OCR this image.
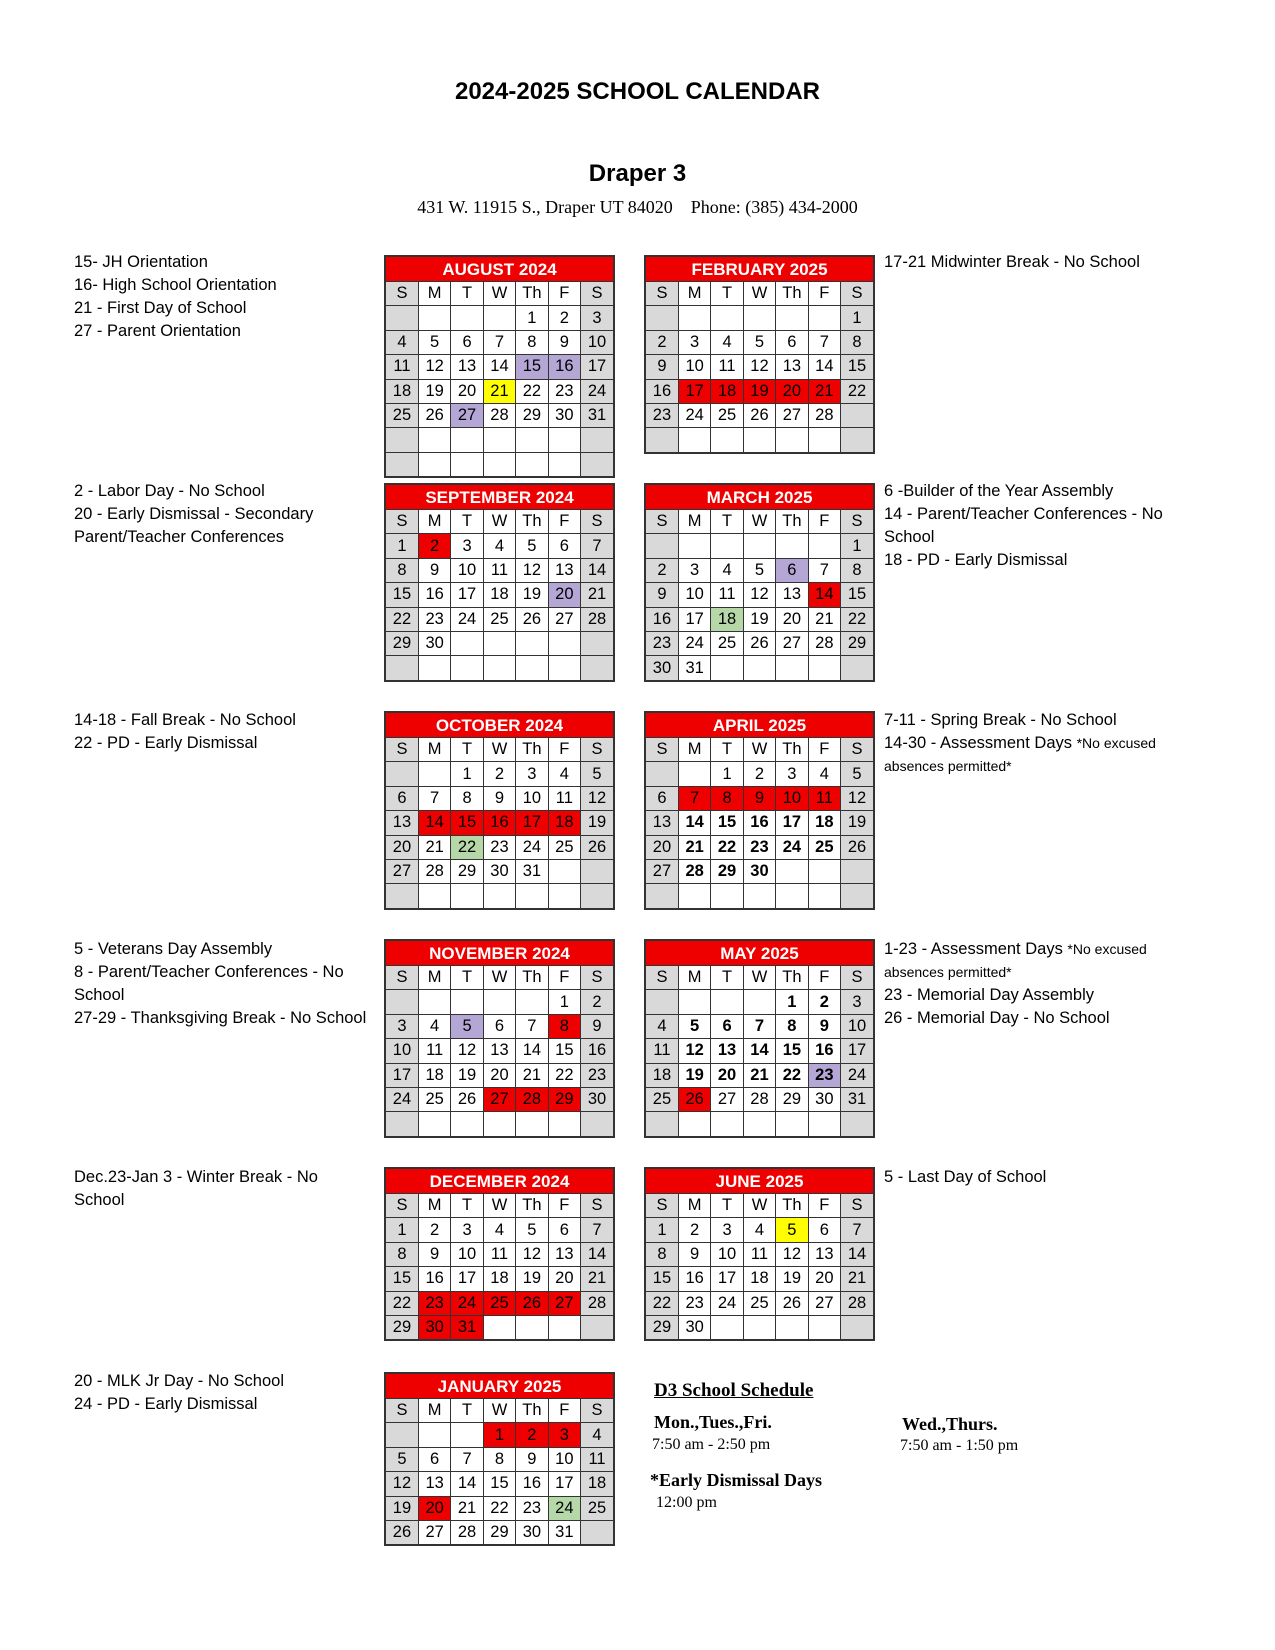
2024-2025 SCHOOL CALENDAR
Draper 3
431 W. 11915 S., Draper UT 84020 Phone: (385) 434-2000
15- JH Orientation
16- High School Orientation
21 - First Day of School
27 - Parent Orientation
2 - Labor Day - No School
20 - Early Dismissal - Secondary Parent/Teacher Conferences
14-18 - Fall Break - No School
22 - PD - Early Dismissal
5 - Veterans Day Assembly
8 - Parent/Teacher Conferences - No School
27-29 - Thanksgiving Break - No School
Dec.23-Jan 3 - Winter Break - No School
20 - MLK Jr Day - No School
24 - PD - Early Dismissal
17-21 Midwinter Break - No School
6 -Builder of the Year Assembly
14 - Parent/Teacher Conferences - No School
18 - PD - Early Dismissal
7-11 - Spring Break - No School
14-30 - Assessment Days *No excused absences permitted*
1-23 - Assessment Days *No excused absences permitted*
23 - Memorial Day Assembly
26 - Memorial Day - No School
5 - Last Day of School
AUGUST 2024
S	M	T	W	Th	F	S
				1	2	3
4	5	6	7	8	9	10
11	12	13	14	15	16	17
18	19	20	21	22	23	24
25	26	27	28	29	30	31

SEPTEMBER 2024
S	M	T	W	Th	F	S
1	2	3	4	5	6	7
8	9	10	11	12	13	14
15	16	17	18	19	20	21
22	23	24	25	26	27	28
29	30					

OCTOBER 2024
S	M	T	W	Th	F	S
		1	2	3	4	5
6	7	8	9	10	11	12
13	14	15	16	17	18	19
20	21	22	23	24	25	26
27	28	29	30	31		

NOVEMBER 2024
S	M	T	W	Th	F	S
					1	2
3	4	5	6	7	8	9
10	11	12	13	14	15	16
17	18	19	20	21	22	23
24	25	26	27	28	29	30

DECEMBER 2024
S	M	T	W	Th	F	S
1	2	3	4	5	6	7
8	9	10	11	12	13	14
15	16	17	18	19	20	21
22	23	24	25	26	27	28
29	30	31				
JANUARY 2025
S	M	T	W	Th	F	S
			1	2	3	4
5	6	7	8	9	10	11
12	13	14	15	16	17	18
19	20	21	22	23	24	25
26	27	28	29	30	31	
FEBRUARY 2025
S	M	T	W	Th	F	S
						1
2	3	4	5	6	7	8
9	10	11	12	13	14	15
16	17	18	19	20	21	22
23	24	25	26	27	28	

MARCH 2025
S	M	T	W	Th	F	S
						1
2	3	4	5	6	7	8
9	10	11	12	13	14	15
16	17	18	19	20	21	22
23	24	25	26	27	28	29
30	31					
APRIL 2025
S	M	T	W	Th	F	S
		1	2	3	4	5
6	7	8	9	10	11	12
13	14	15	16	17	18	19
20	21	22	23	24	25	26
27	28	29	30			

MAY 2025
S	M	T	W	Th	F	S
				1	2	3
4	5	6	7	8	9	10
11	12	13	14	15	16	17
18	19	20	21	22	23	24
25	26	27	28	29	30	31

JUNE 2025
S	M	T	W	Th	F	S
1	2	3	4	5	6	7
8	9	10	11	12	13	14
15	16	17	18	19	20	21
22	23	24	25	26	27	28
29	30					
D3 School Schedule
Mon.,Tues.,Fri.
7:50 am - 2:50 pm
Wed.,Thurs.
7:50 am - 1:50 pm
*Early Dismissal Days
12:00 pm
